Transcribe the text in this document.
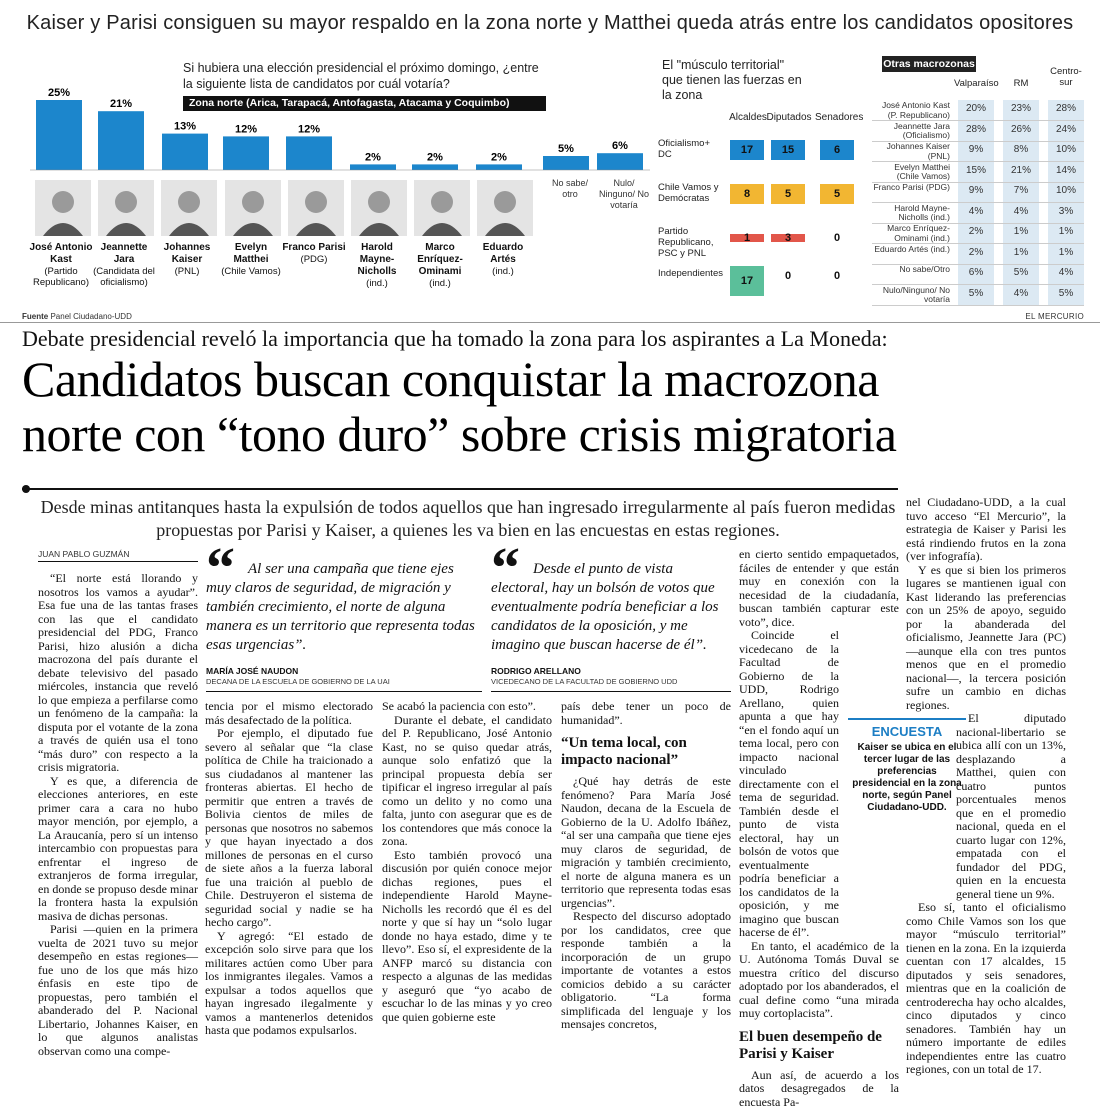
Kaiser y Parisi consiguen su mayor respaldo en la zona norte y Matthei queda atrás entre los candidatos opositores
Si hubiera una elección presidencial el próximo domingo, ¿entre la siguiente lista de candidatos por cuál votaría?
Zona norte (Arica, Tarapacá, Antofagasta, Atacama y Coquimbo)
25%
21%
13%	12%	12%
2%	2%	2%
5%	6%
José Antonio Kast
(Partido Republicano)
Jeannette Jara
(Candidata del oficialismo)
Johannes Kaiser
(PNL)
Evelyn Matthei
(Chile Vamos)
Franco Parisi
(PDG)
Harold Mayne-Nicholls
(ind.)
Marco Enríquez-Ominami
(ind.)
Eduardo Artés
(ind.)
No sabe/ otro
Nulo/ Ninguno/ No votaría
El "músculo territorial" que tienen las fuerzas en la zona
Alcaldes Diputados Senadores
Oficialismo+ DC	17	15	6
Chile Vamos y Demócratas	8	5	5
Partido Republicano, PSC y PNL
1	3	0
Independientes
17	0	0
Otras macrozonas
Valparaíso	RM
Centro-sur
José Antonio Kast (P. Republicano)
20%	23%	28%
Jeannette Jara (Oficialismo)
28%	26%	24%
Johannes Kaiser (PNL)
9%	8%	10%
Evelyn Matthei (Chile Vamos)
15%	21%	14%
Franco Parisi (PDG)	9%	7%	10%
Harold Mayne-Nicholls (ind.)
4%	4%	3%
Marco Enríquez-Ominami (ind.)
2%	1%	1%
Eduardo Artés (ind.)	2%	1%	1%
No sabe/Otro	6%	5%	4%
Nulo/Ninguno/ No votaría
5%	4%	5%
Fuente Panel Ciudadano-UDD	EL MERCURIO
Debate presidencial reveló la importancia que ha tomado la zona para los aspirantes a La Moneda:
Candidatos buscan conquistar la macrozona
norte con “tono duro” sobre crisis migratoria
Desde minas antitanques hasta la expulsión de todos aquellos que han ingresado irregularmente al país fueron medidas propuestas por Parisi y Kaiser, a quienes les va bien en las encuestas en estas regiones.
JUAN PABLO GUZMÁN

“El norte está llorando y nosotros los vamos a ayudar”. Esa fue una de las tantas frases con las que el candidato presidencial del PDG, Franco Parisi, hizo alusión a dicha macrozona del país durante el debate televisivo del pasado miércoles, instancia que reveló lo que empieza a perfilarse como un fenómeno de la campaña: la disputa por el votante de la zona a través de quién usa el tono “más duro” con respecto a la crisis migratoria.

Y es que, a diferencia de elecciones anteriores, en este primer cara a cara no hubo mayor mención, por ejemplo, a La Araucanía, pero sí un intenso intercambio con propuestas para enfrentar el ingreso de extranjeros de forma irregular, en donde se propuso desde minar la frontera hasta la expulsión masiva de dichas personas.

Parisi —quien en la primera vuelta de 2021 tuvo su mejor desempeño en estas regiones— fue uno de los que más hizo énfasis en este tipo de propuestas, pero también el abanderado del P. Nacional Libertario, Johannes Kaiser, en lo que algunos analistas observan como una compe-

“ Al ser una campaña que tiene ejes muy claros de seguridad, de migración y también crecimiento, el norte de alguna manera es un territorio que representa todas esas urgencias”.
MARÍA JOSÉ NAUDON
DECANA DE LA ESCUELA DE GOBIERNO DE LA UAI
“ Desde el punto de vista electoral, hay un bolsón de votos que eventualmente podría beneficiar a los candidatos de la oposición, y me imagino que buscan hacerse de él”.
RODRIGO ARELLANO
VICEDECANO DE LA FACULTAD DE GOBIERNO UDD

tencia por el mismo electorado más desafectado de la política.

Por ejemplo, el diputado fue severo al señalar que “la clase política de Chile ha traicionado a sus ciudadanos al mantener las fronteras abiertas. El hecho de permitir que entren a través de Bolivia cientos de miles de personas que nosotros no sabemos y que hayan inyectado a dos millones de personas en el curso de siete años a la fuerza laboral fue una traición al pueblo de Chile. Destruyeron el sistema de seguridad social y nadie se ha hecho cargo”.

Y agregó: “El estado de excepción solo sirve para que los militares actúen como Uber para los inmigrantes ilegales. Vamos a expulsar a todos aquellos que hayan ingresado ilegalmente y vamos a mantenerlos detenidos hasta que podamos expulsarlos.

Se acabó la paciencia con esto”.

Durante el debate, el candidato del P. Republicano, José Antonio Kast, no se quiso quedar atrás, aunque solo enfatizó que la principal propuesta debía ser tipificar el ingreso irregular al país como un delito y no como una falta, junto con asegurar que es de los contendores que más conoce la zona.

Esto también provocó una discusión por quién conoce mejor dichas regiones, pues el independiente Harold Mayne-Nicholls les recordó que él es del norte y que sí hay un “solo lugar donde no haya estado, dime y te llevo”. Eso sí, el expresidente de la ANFP marcó su distancia con respecto a algunas de las medidas y aseguró que “yo acabo de escuchar lo de las minas y yo creo que quien gobierne este

país debe tener un poco de humanidad”.

“Un tema local, con impacto nacional”

¿Qué hay detrás de este fenómeno? Para María José Naudon, decana de la Escuela de Gobierno de la U. Adolfo Ibáñez, “al ser una campaña que tiene ejes muy claros de seguridad, de migración y también crecimiento, el norte de alguna manera es un territorio que representa todas esas urgencias”.

Respecto del discurso adoptado por los candidatos, cree que responde también a la incorporación de un grupo importante de votantes a estos comicios debido a su carácter obligatorio. “La forma simplificada del lenguaje y los mensajes concretos,

en cierto sentido empaquetados, fáciles de entender y que están muy en conexión con la necesidad de la ciudadanía, buscan también capturar este voto”, dice.

Coincide el vicedecano de la Facultad de Gobierno de la UDD, Rodrigo Arellano, quien apunta a que hay “en el fondo aquí un tema local, pero con impacto nacional vinculado directamente con el tema de seguridad. También desde el punto de vista electoral, hay un bolsón de votos que eventualmente podría beneficiar a los candidatos de la oposición, y me imagino que buscan hacerse de él”.

En tanto, el académico de la U. Autónoma Tomás Duval se muestra crítico del discurso adoptado por los abanderados, el cual define como “una mirada muy cortoplacista”.

El buen desempeño de Parisi y Kaiser

Aun así, de acuerdo a los datos desagregados de la encuesta Pa-

ENCUESTA
Kaiser se ubica en el tercer lugar de las preferencias presidencial en la zona norte, según Panel Ciudadano-UDD.

nel Ciudadano-UDD, a la cual tuvo acceso “El Mercurio”, la estrategia de Kaiser y Parisi les está rindiendo frutos en la zona (ver infografía).

Y es que si bien los primeros lugares se mantienen igual con Kast liderando las preferencias con un 25% de apoyo, seguido por la abanderada del oficialismo, Jeannette Jara (PC) —aunque ella con tres puntos menos que en el promedio nacional—, la tercera posición sufre un cambio en dichas regiones.

El diputado nacional-libertario se ubica allí con un 13%, desplazando a Matthei, quien con cuatro puntos porcentuales menos que en el promedio nacional, queda en el cuarto lugar con 12%, empatada con el fundador del PDG, quien en la encuesta general tiene un 9%.

Eso sí, tanto el oficialismo como Chile Vamos son los que mayor “músculo territorial” tienen en la zona. En la izquierda cuentan con 17 alcaldes, 15 diputados y seis senadores, mientras que en la coalición de centroderecha hay ocho alcaldes, cinco diputados y cinco senadores. También hay un número importante de ediles independientes entre las cuatro regiones, con un total de 17.
